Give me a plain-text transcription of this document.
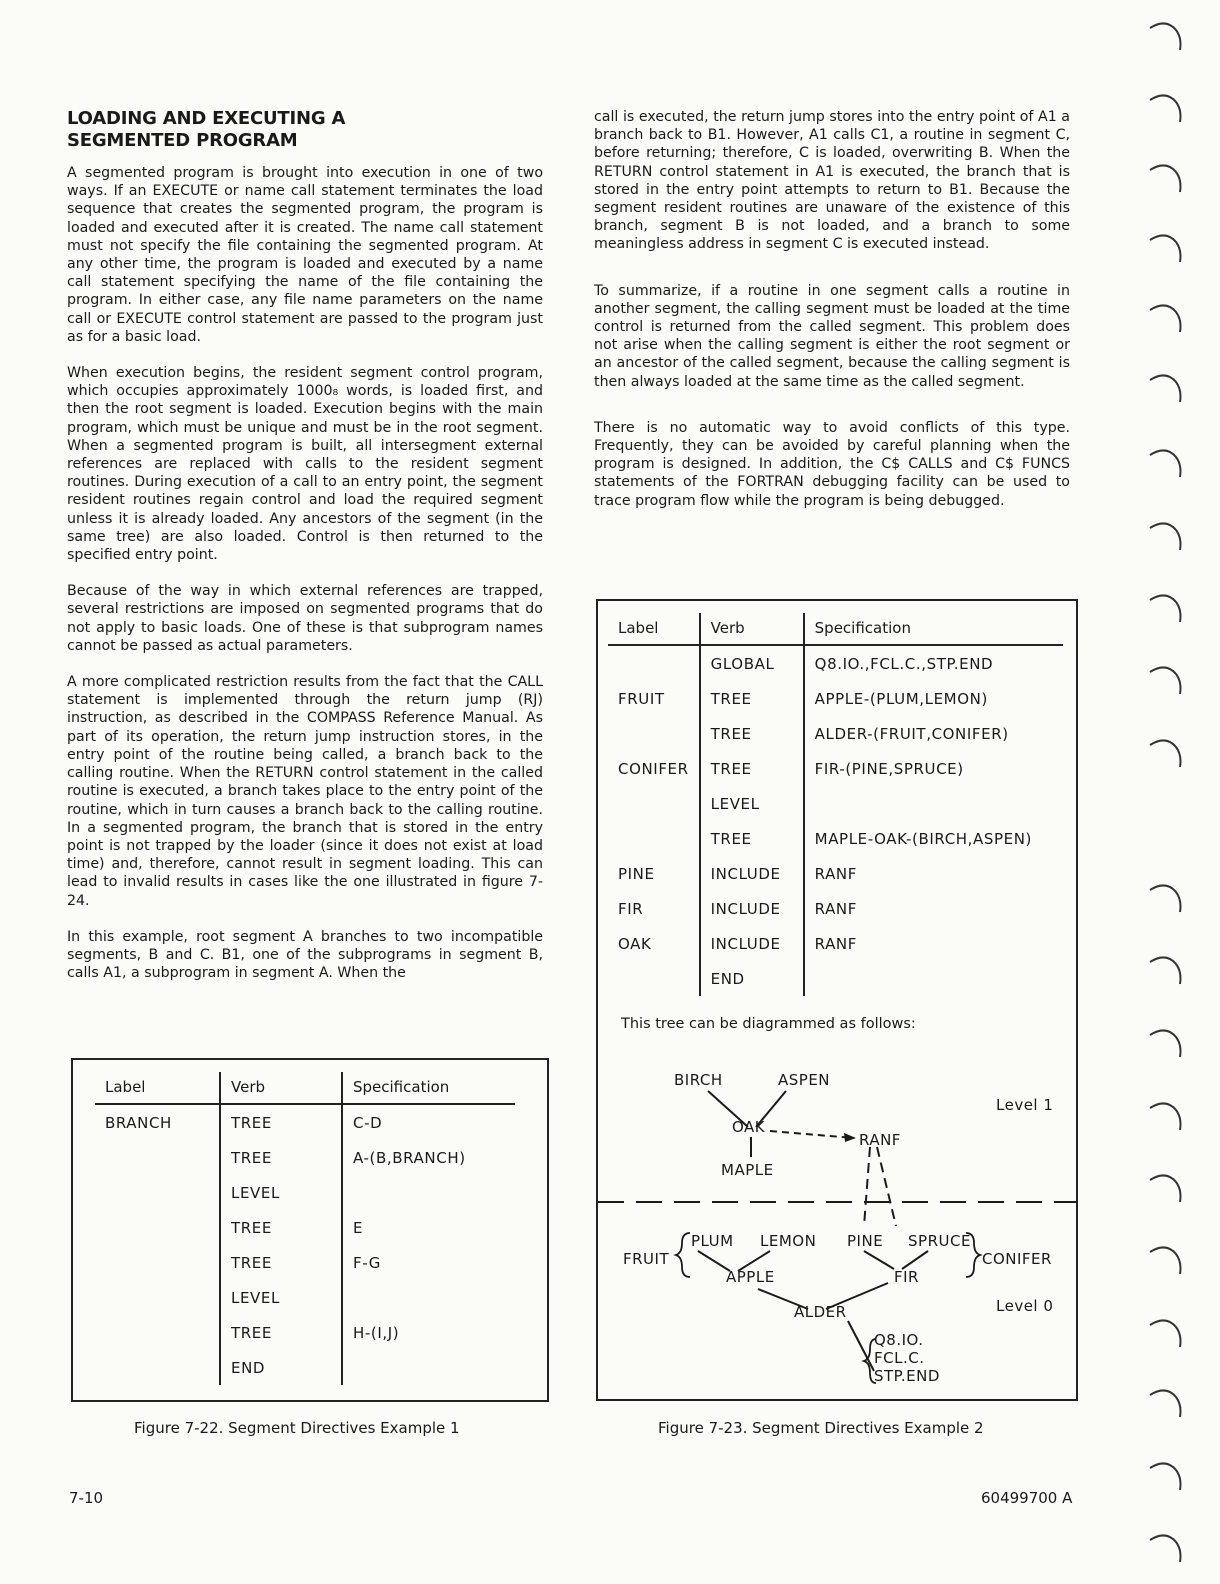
LOADING AND EXECUTING A
SEGMENTED PROGRAM

A segmented program is brought into execution in one of two ways. If an EXECUTE or name call statement terminates the load sequence that creates the segmented program, the program is loaded and executed after it is created. The name call statement must not specify the file containing the segmented program. At any other time, the program is loaded and executed by a name call statement specifying the name of the file containing the program. In either case, any file name parameters on the name call or EXECUTE control statement are passed to the program just as for a basic load.

When execution begins, the resident segment control program, which occupies approximately 1000₈ words, is loaded first, and then the root segment is loaded. Execution begins with the main program, which must be unique and must be in the root segment. When a segmented program is built, all intersegment external references are replaced with calls to the resident segment routines. During execution of a call to an entry point, the segment resident routines regain control and load the required segment unless it is already loaded. Any ancestors of the segment (in the same tree) are also loaded. Control is then returned to the specified entry point.

Because of the way in which external references are trapped, several restrictions are imposed on segmented programs that do not apply to basic loads. One of these is that subprogram names cannot be passed as actual parameters.

A more complicated restriction results from the fact that the CALL statement is implemented through the return jump (RJ) instruction, as described in the COMPASS Reference Manual. As part of its operation, the return jump instruction stores, in the entry point of the routine being called, a branch back to the calling routine. When the RETURN control statement in the called routine is executed, a branch takes place to the entry point of the routine, which in turn causes a branch back to the calling routine. In a segmented program, the branch that is stored in the entry point is not trapped by the loader (since it does not exist at load time) and, therefore, cannot result in segment loading. This can lead to invalid results in cases like the one illustrated in figure 7-24.

In this example, root segment A branches to two incompatible segments, B and C. B1, one of the subprograms in segment B, calls A1, a subprogram in segment A. When the

call is executed, the return jump stores into the entry point of A1 a branch back to B1. However, A1 calls C1, a routine in segment C, before returning; therefore, C is loaded, overwriting B. When the RETURN control statement in A1 is executed, the branch that is stored in the entry point attempts to return to B1. Because the segment resident routines are unaware of the existence of this branch, segment B is not loaded, and a branch to some meaningless address in segment C is executed instead.

To summarize, if a routine in one segment calls a routine in another segment, the calling segment must be loaded at the time control is returned from the called segment. This problem does not arise when the calling segment is either the root segment or an ancestor of the called segment, because the calling segment is then always loaded at the same time as the called segment.

There is no automatic way to avoid conflicts of this type. Frequently, they can be avoided by careful planning when the program is designed. In addition, the C$ CALLS and C$ FUNCS statements of the FORTRAN debugging facility can be used to trace program flow while the program is being debugged.

Label	Verb	Specification
BRANCH	TREE	C-D
	TREE	A-(B,BRANCH)
	LEVEL	
	TREE	E
	TREE	F-G
	LEVEL	
	TREE	H-(I,J)
	END	
Figure 7-22. Segment Directives Example 1
Label	Verb	Specification
	GLOBAL	Q8.IO.,FCL.C.,STP.END
FRUIT	TREE	APPLE-(PLUM,LEMON)
	TREE	ALDER-(FRUIT,CONIFER)
CONIFER	TREE	FIR-(PINE,SPRUCE)
	LEVEL	
	TREE	MAPLE-OAK-(BIRCH,ASPEN)
PINE	INCLUDE	RANF
FIR	INCLUDE	RANF
OAK	INCLUDE	RANF
	END	
This tree can be diagrammed as follows:
BIRCH	ASPEN
Level 1
OAK
RANF
MAPLE
FRUIT
PLUM LEMON PINE SPRUCE
CONIFER
APPLE	FIR
ALDER	Level 0
Q8.IO.
FCL.C.
STP.END
Figure 7-23. Segment Directives Example 2
7-10	60499700 A
